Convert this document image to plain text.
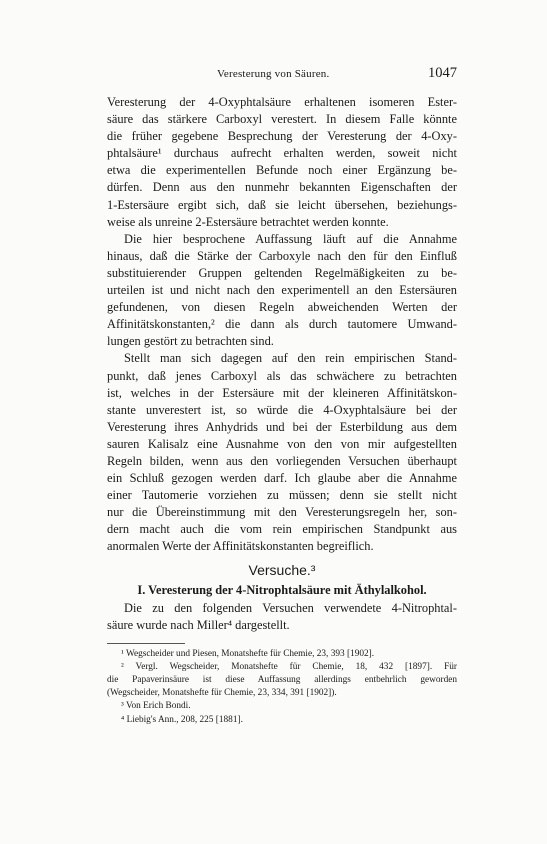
Veresterung von Säuren.	1047
Veresterung der 4-Oxyphtalsäure erhaltenen isomeren Ester-
säure das stärkere Carboxyl verestert. In diesem Falle könnte
die früher gegebene Besprechung der Veresterung der 4-Oxy-
phtalsäure¹ durchaus aufrecht erhalten werden, soweit nicht
etwa die experimentellen Befunde noch einer Ergänzung be-
dürfen. Denn aus den nunmehr bekannten Eigenschaften der
1-Estersäure ergibt sich, daß sie leicht übersehen, beziehungs-
weise als unreine 2-Estersäure betrachtet werden konnte.
Die hier besprochene Auffassung läuft auf die Annahme
hinaus, daß die Stärke der Carboxyle nach den für den Einfluß
substituierender Gruppen geltenden Regelmäßigkeiten zu be-
urteilen ist und nicht nach den experimentell an den Estersäuren
gefundenen, von diesen Regeln abweichenden Werten der
Affinitätskonstanten,² die dann als durch tautomere Umwand-
lungen gestört zu betrachten sind.
Stellt man sich dagegen auf den rein empirischen Stand-
punkt, daß jenes Carboxyl als das schwächere zu betrachten
ist, welches in der Estersäure mit der kleineren Affinitätskon-
stante unverestert ist, so würde die 4-Oxyphtalsäure bei der
Veresterung ihres Anhydrids und bei der Esterbildung aus dem
sauren Kalisalz eine Ausnahme von den von mir aufgestellten
Regeln bilden, wenn aus den vorliegenden Versuchen überhaupt
ein Schluß gezogen werden darf. Ich glaube aber die Annahme
einer Tautomerie vorziehen zu müssen; denn sie stellt nicht
nur die Übereinstimmung mit den Veresterungsregeln her, son-
dern macht auch die vom rein empirischen Standpunkt aus
anormalen Werte der Affinitätskonstanten begreiflich.
Versuche.³
I. Veresterung der 4-Nitrophtalsäure mit Äthylalkohol.
Die zu den folgenden Versuchen verwendete 4-Nitrophtal-
säure wurde nach Miller⁴ dargestellt.
¹ Wegscheider und Piesen, Monatshefte für Chemie, 23, 393 [1902].
² Vergl. Wegscheider, Monatshefte für Chemie, 18, 432 [1897]. Für
die Papaverinsäure ist diese Auffassung allerdings entbehrlich geworden
(Wegscheider, Monatshefte für Chemie, 23, 334, 391 [1902]).
³ Von Erich Bondi.
⁴ Liebig's Ann., 208, 225 [1881].
